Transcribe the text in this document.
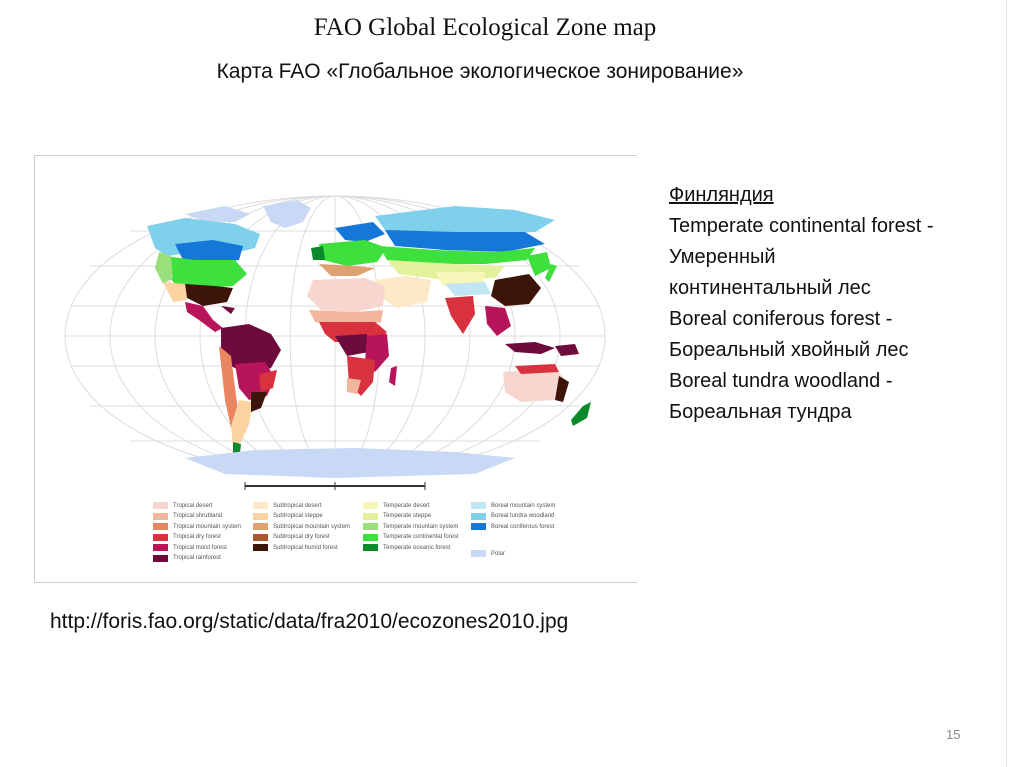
FAO Global Ecological Zone map
Карта FAO «Глобальное экологическое зонирование»
Tropical desert
Tropical shrubland
Tropical mountain system
Tropical dry forest
Tropical moist forest
Tropical rainforest
Subtropical desert
Subtropical steppe
Subtropical mountain system
Subtropical dry forest
Subtropical humid forest
Temperate desert
Temperate steppe
Temperate mountain system
Temperate continental forest
Temperate oceanic forest
Boreal mountain system
Boreal tundra woodland
Boreal coniferous forest
Polar
Финляндия
Temperate continental forest -
Умеренный
континентальный лес
Boreal coniferous forest -
Бореальный хвойный лес
Boreal tundra woodland -
Бореальная тундра
http://foris.fao.org/static/data/fra2010/ecozones2010.jpg
15
